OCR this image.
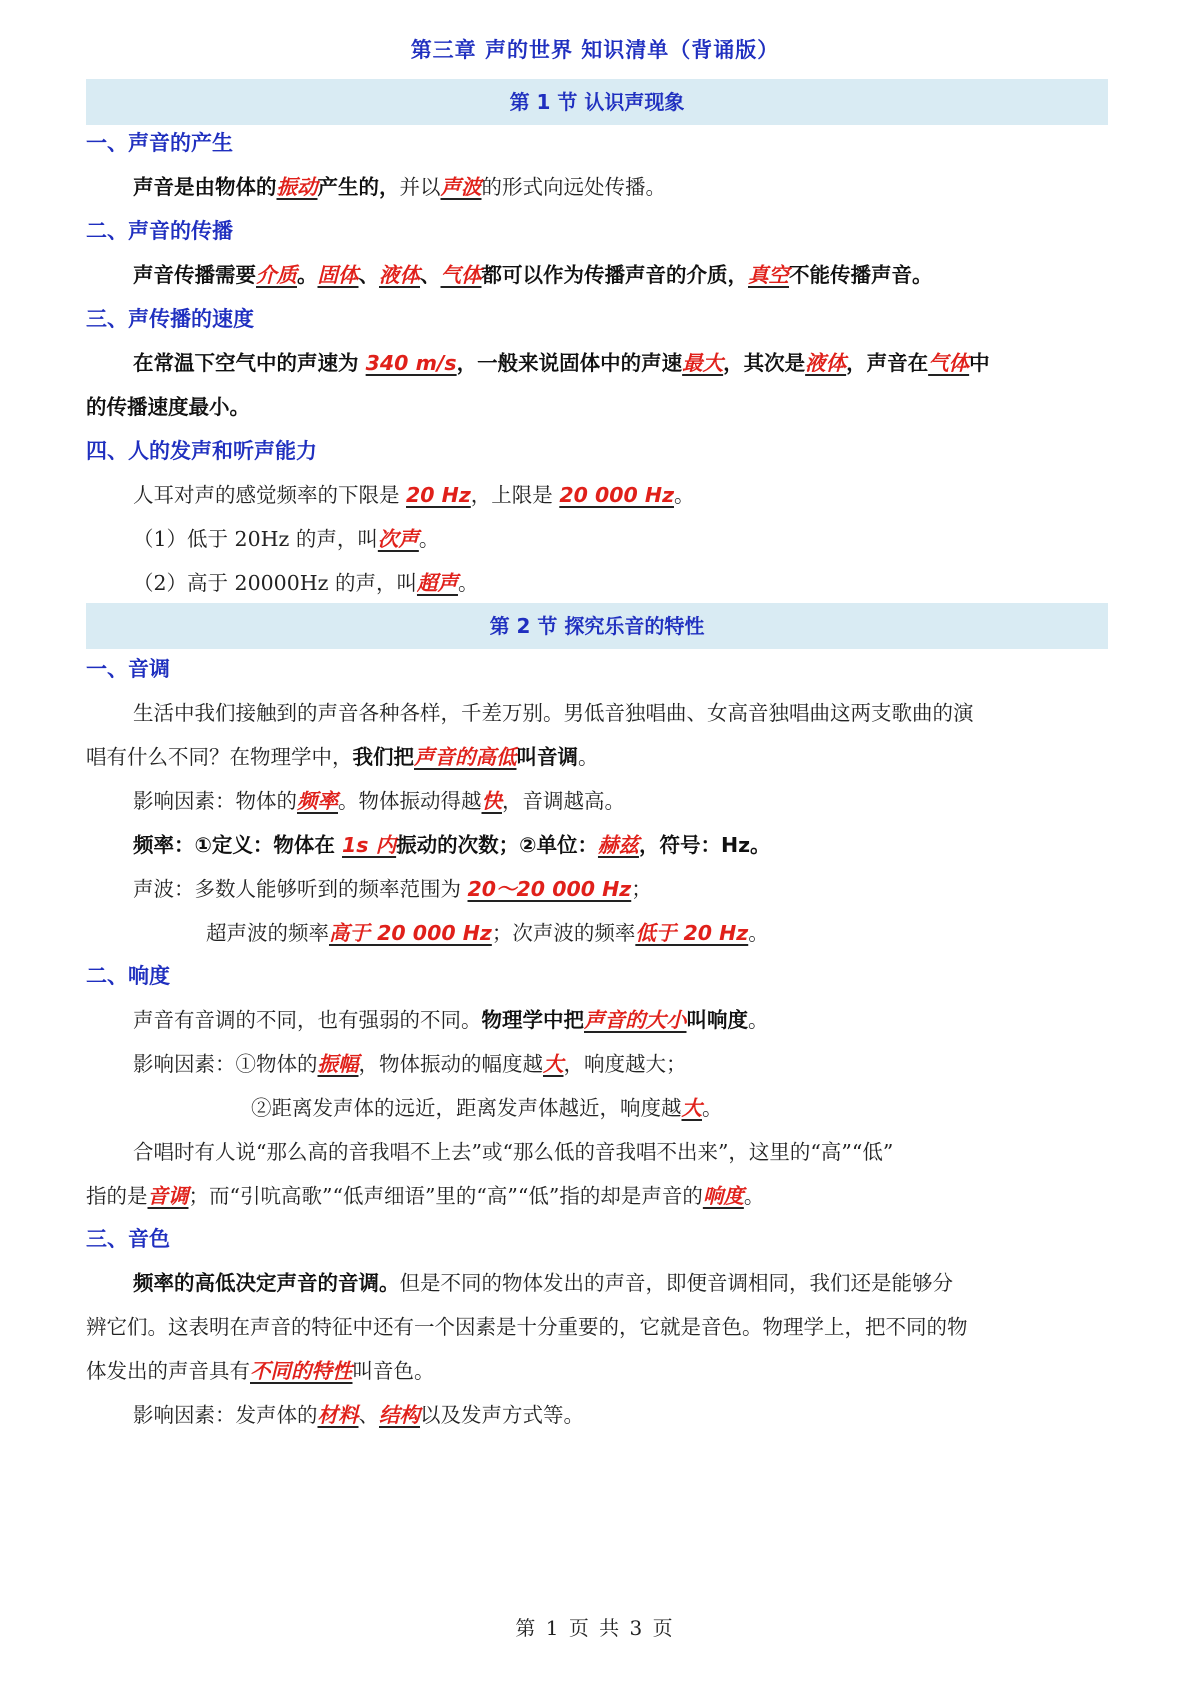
第三章 声的世界 知识清单（背诵版）
第 1 节 认识声现象
一、声音的产生
声音是由物体的振动产生的，并以声波的形式向远处传播。
二、声音的传播
声音传播需要介质。固体、液体、气体都可以作为传播声音的介质，真空不能传播声音。
三、声传播的速度
在常温下空气中的声速为 340 m/s，一般来说固体中的声速最大，其次是液体，声音在气体中
的传播速度最小。
四、人的发声和听声能力
人耳对声的感觉频率的下限是 20 Hz，上限是 20 000 Hz。
（1）低于 20Hz 的声，叫次声。
（2）高于 20000Hz 的声，叫超声。
第 2 节 探究乐音的特性
一、音调
生活中我们接触到的声音各种各样，千差万别。男低音独唱曲、女高音独唱曲这两支歌曲的演
唱有什么不同？在物理学中，我们把声音的高低叫音调。
影响因素：物体的频率。物体振动得越快，音调越高。
频率：①定义：物体在 1s 内振动的次数；②单位：赫兹，符号：Hz。
声波：多数人能够听到的频率范围为 20～20 000 Hz；
超声波的频率高于 20 000 Hz；次声波的频率低于 20 Hz。
二、响度
声音有音调的不同，也有强弱的不同。物理学中把声音的大小叫响度。
影响因素：①物体的振幅，物体振动的幅度越大，响度越大；
②距离发声体的远近，距离发声体越近，响度越大。
合唱时有人说“那么高的音我唱不上去”或“那么低的音我唱不出来”，这里的“高”“低”
指的是音调；而“引吭高歌”“低声细语”里的“高”“低”指的却是声音的响度。
三、音色
频率的高低决定声音的音调。但是不同的物体发出的声音，即便音调相同，我们还是能够分
辨它们。这表明在声音的特征中还有一个因素是十分重要的，它就是音色。物理学上，把不同的物
体发出的声音具有不同的特性叫音色。
影响因素：发声体的材料、结构以及发声方式等。
第 1 页 共 3 页
